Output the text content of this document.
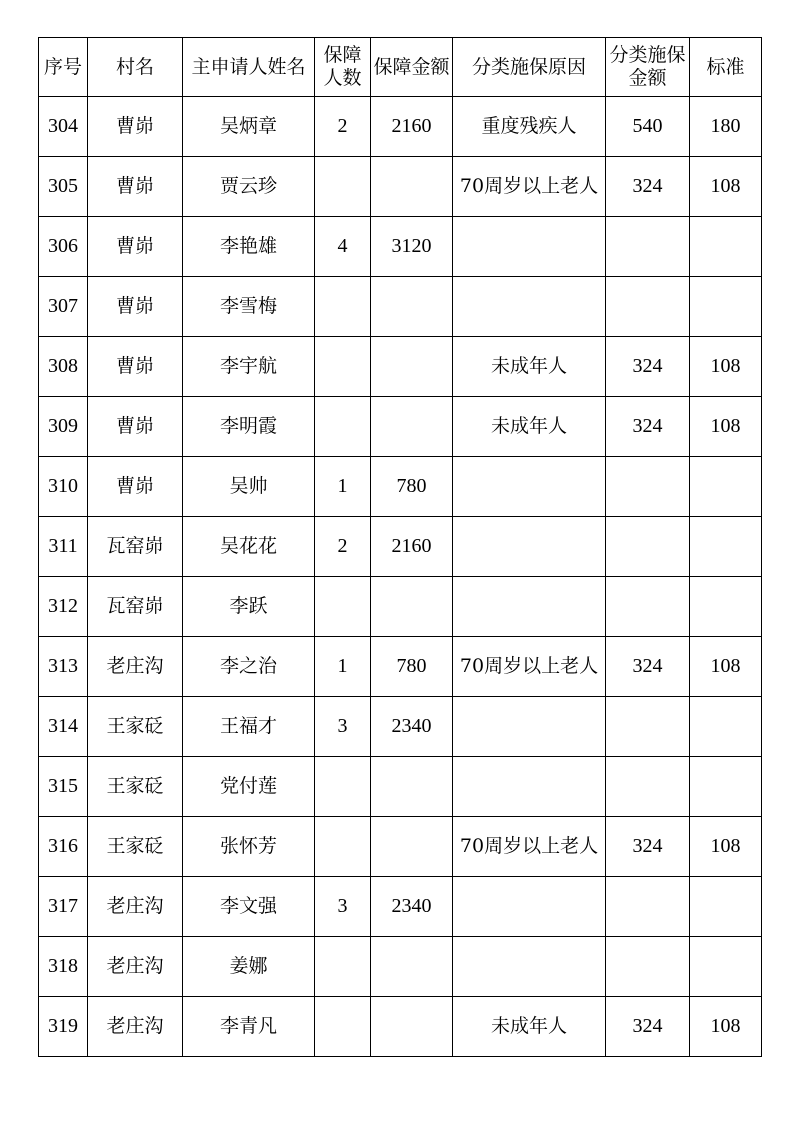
序号	村名	主申请人姓名	保障人数	保障金额	分类施保原因	分类施保金额	标准
304	曹峁	吴炳章	2	2160	重度残疾人	540	180
305	曹峁	贾云珍			70周岁以上老人	324	108
306	曹峁	李艳雄	4	3120			
307	曹峁	李雪梅					
308	曹峁	李宇航			未成年人	324	108
309	曹峁	李明霞			未成年人	324	108
310	曹峁	吴帅	1	780			
311	瓦窑峁	吴花花	2	2160			
312	瓦窑峁	李跃					
313	老庄沟	李之治	1	780	70周岁以上老人	324	108
314	王家砭	王福才	3	2340			
315	王家砭	党付莲					
316	王家砭	张怀芳			70周岁以上老人	324	108
317	老庄沟	李文强	3	2340			
318	老庄沟	姜娜					
319	老庄沟	李青凡			未成年人	324	108
